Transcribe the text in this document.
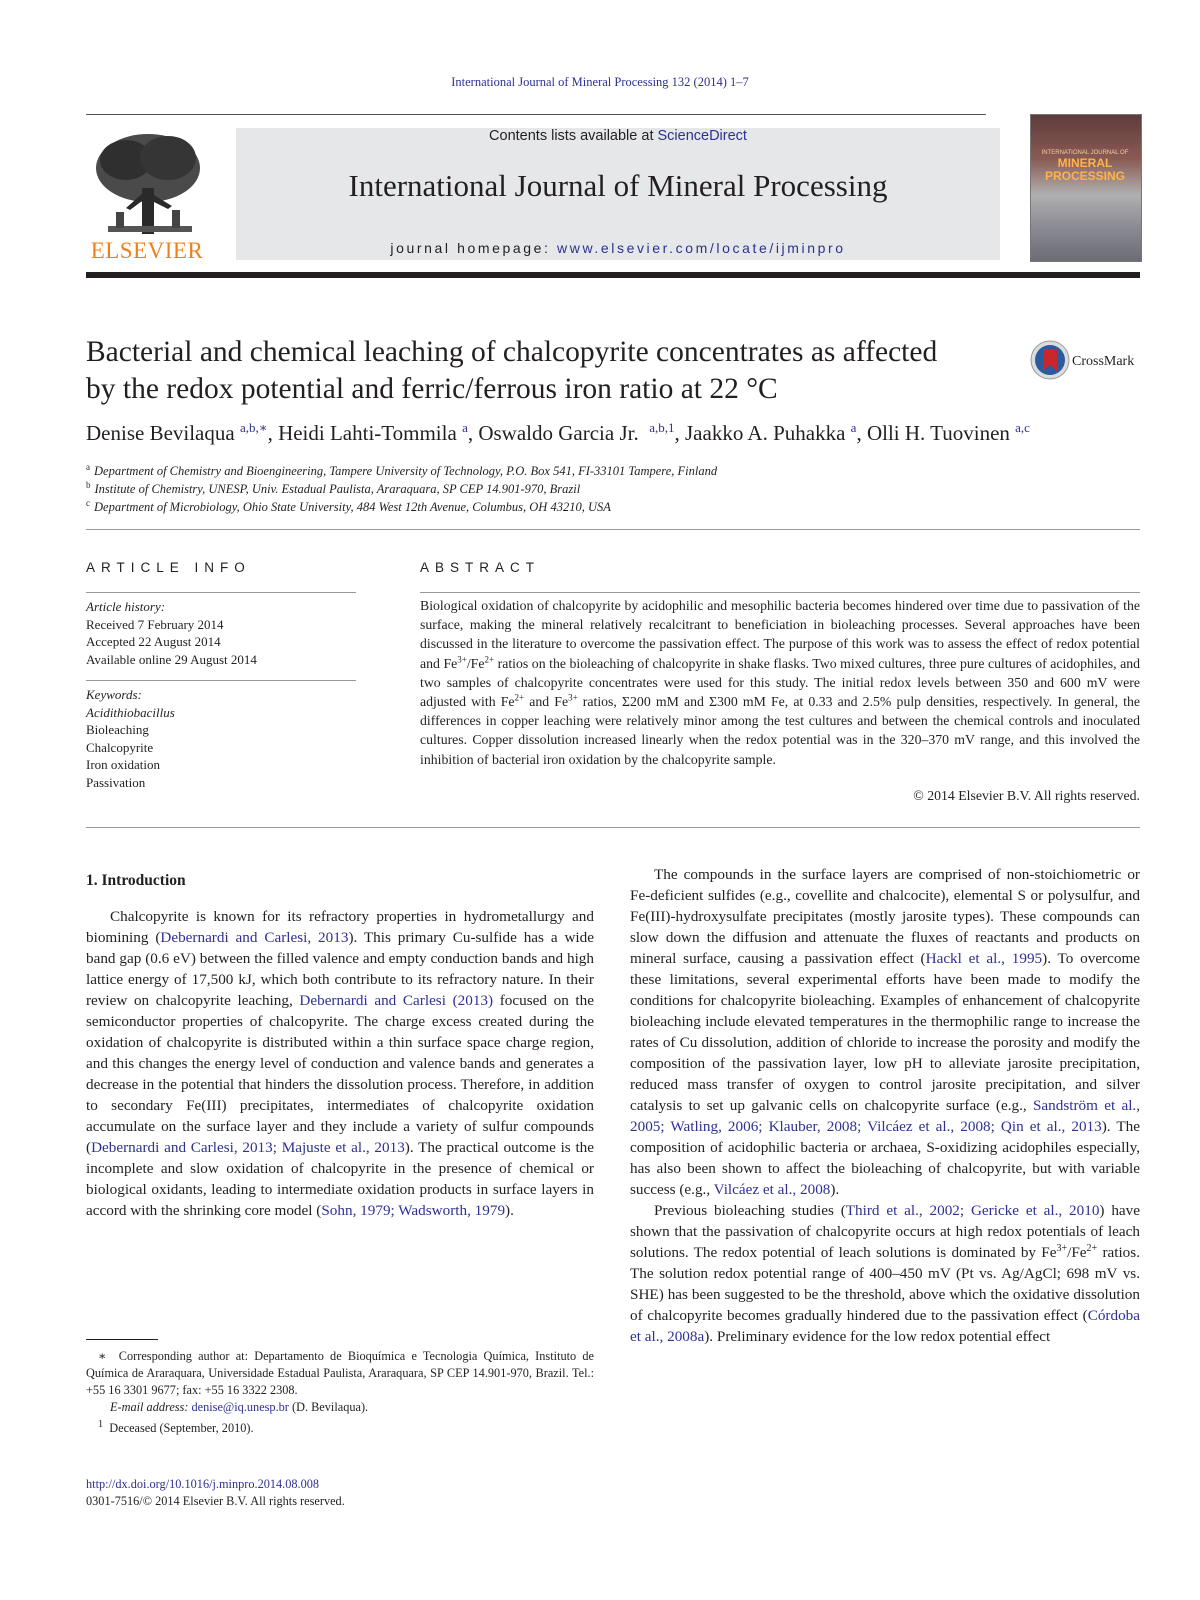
International Journal of Mineral Processing 132 (2014) 1–7
ELSEVIER
Contents lists available at ScienceDirect
International Journal of Mineral Processing
journal homepage: www.elsevier.com/locate/ijminpro
INTERNATIONAL JOURNAL OF
MINERAL PROCESSING
Bacterial and chemical leaching of chalcopyrite concentrates as affected
by the redox potential and ferric/ferrous iron ratio at 22 °C
CrossMark
Denise Bevilaqua $^{a,b,∗}$, Heidi Lahti-Tommila $^a$, Oswaldo Garcia Jr. $^{a,b,1}$, Jaakko A. Puhakka $^a$, Olli H. Tuovinen $^{a,c}$
$^a$ Department of Chemistry and Bioengineering, Tampere University of Technology, P.O. Box 541, FI-33101 Tampere, Finland
$^b$ Institute of Chemistry, UNESP, Univ. Estadual Paulista, Araraquara, SP CEP 14.901-970, Brazil
$^c$ Department of Microbiology, Ohio State University, 484 West 12th Avenue, Columbus, OH 43210, USA
ARTICLE INFO
Article history:
Received 7 February 2014
Accepted 22 August 2014
Available online 29 August 2014
Keywords:
Acidithiobacillus
Bioleaching
Chalcopyrite
Iron oxidation
Passivation
ABSTRACT
Biological oxidation of chalcopyrite by acidophilic and mesophilic bacteria becomes hindered over time due to passivation of the surface, making the mineral relatively recalcitrant to beneficiation in bioleaching processes. Several approaches have been discussed in the literature to overcome the passivation effect. The purpose of this work was to assess the effect of redox potential and $Fe^{3+}/Fe^{2+}$ ratios on the bioleaching of chalcopyrite in shake flasks. Two mixed cultures, three pure cultures of acidophiles, and two samples of chalcopyrite concentrates were used for this study. The initial redox levels between 350 and 600 mV were adjusted with $Fe^{2+}$ and $Fe^{3+}$ ratios, Σ200 mM and Σ300 mM Fe, at 0.33 and 2.5% pulp densities, respectively. In general, the differences in copper leaching were relatively minor among the test cultures and between the chemical controls and inoculated cultures. Copper dissolution increased linearly when the redox potential was in the 320–370 mV range, and this involved the inhibition of bacterial iron oxidation by the chalcopyrite sample.
© 2014 Elsevier B.V. All rights reserved.
1. Introduction

Chalcopyrite is known for its refractory properties in hydrometallurgy and biomining (Debernardi and Carlesi, 2013). This primary Cu-sulfide has a wide band gap (0.6 eV) between the filled valence and empty conduction bands and high lattice energy of 17,500 kJ, which both contribute to its refractory nature. In their review on chalcopyrite leaching, Debernardi and Carlesi (2013) focused on the semiconductor properties of chalcopyrite. The charge excess created during the oxidation of chalcopyrite is distributed within a thin surface space charge region, and this changes the energy level of conduction and valence bands and generates a decrease in the potential that hinders the dissolution process. Therefore, in addition to secondary Fe(III) precipitates, intermediates of chalcopyrite oxidation accumulate on the surface layer and they include a variety of sulfur compounds (Debernardi and Carlesi, 2013; Majuste et al., 2013). The practical outcome is the incomplete and slow oxidation of chalcopyrite in the presence of chemical or biological oxidants, leading to intermediate oxidation products in surface layers in accord with the shrinking core model (Sohn, 1979; Wadsworth, 1979).

The compounds in the surface layers are comprised of non-stoichiometric or Fe-deficient sulfides (e.g., covellite and chalcocite), elemental S or polysulfur, and Fe(III)-hydroxysulfate precipitates (mostly jarosite types). These compounds can slow down the diffusion and attenuate the fluxes of reactants and products on mineral surface, causing a passivation effect (Hackl et al., 1995). To overcome these limitations, several experimental efforts have been made to modify the conditions for chalcopyrite bioleaching. Examples of enhancement of chalcopyrite bioleaching include elevated temperatures in the thermophilic range to increase the rates of Cu dissolution, addition of chloride to increase the porosity and modify the composition of the passivation layer, low pH to alleviate jarosite precipitation, reduced mass transfer of oxygen to control jarosite precipitation, and silver catalysis to set up galvanic cells on chalcopyrite surface (e.g., Sandström et al., 2005; Watling, 2006; Klauber, 2008; Vilcáez et al., 2008; Qin et al., 2013). The composition of acidophilic bacteria or archaea, S-oxidizing acidophiles especially, has also been shown to affect the bioleaching of chalcopyrite, but with variable success (e.g., Vilcáez et al., 2008).

Previous bioleaching studies (Third et al., 2002; Gericke et al., 2010) have shown that the passivation of chalcopyrite occurs at high redox potentials of leach solutions. The redox potential of leach solutions is dominated by $Fe^{3+}/Fe^{2+}$ ratios. The solution redox potential range of 400–450 mV (Pt vs. Ag/AgCl; 698 mV vs. SHE) has been suggested to be the threshold, above which the oxidative dissolution of chalcopyrite becomes gradually hindered due to the passivation effect (Córdoba et al., 2008a). Preliminary evidence for the low redox potential effect

∗ Corresponding author at: Departamento de Bioquímica e Tecnologia Química, Instituto de Química de Araraquara, Universidade Estadual Paulista, Araraquara, SP CEP 14.901-970, Brazil. Tel.: +55 16 3301 9677; fax: +55 16 3322 2308.

E-mail address: denise@iq.unesp.br (D. Bevilaqua).

$^1$ Deceased (September, 2010).

http://dx.doi.org/10.1016/j.minpro.2014.08.008
0301-7516/© 2014 Elsevier B.V. All rights reserved.
